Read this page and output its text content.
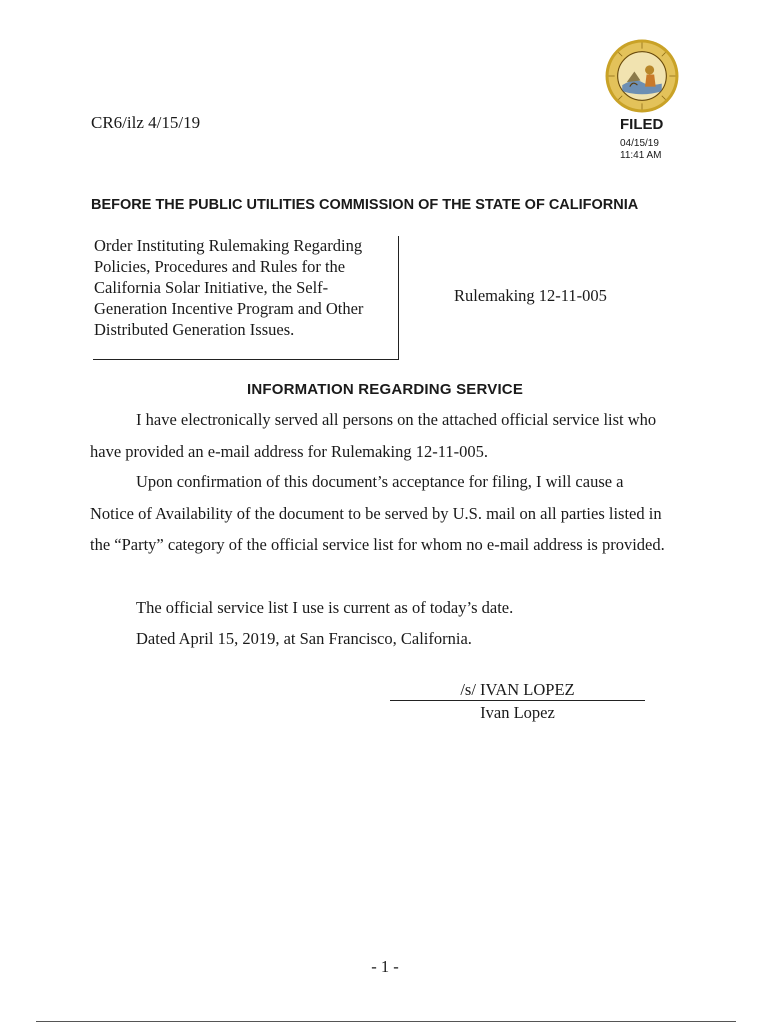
CR6/ilz 4/15/19	FILED
04/15/19
11:41 AM
BEFORE THE PUBLIC UTILITIES COMMISSION OF THE STATE OF CALIFORNIA
Order Instituting Rulemaking Regarding Policies, Procedures and Rules for the California Solar Initiative, the Self-Generation Incentive Program and Other Distributed Generation Issues.
Rulemaking 12-11-005
INFORMATION REGARDING SERVICE
I have electronically served all persons on the attached official service list who have provided an e-mail address for Rulemaking 12-11-005.
Upon confirmation of this document’s acceptance for filing, I will cause a Notice of Availability of the document to be served by U.S. mail on all parties listed in the “Party” category of the official service list for whom no e-mail address is provided.
The official service list I use is current as of today’s date.
Dated April 15, 2019, at San Francisco, California.
/s/ IVAN LOPEZ
Ivan Lopez
- 1 -
